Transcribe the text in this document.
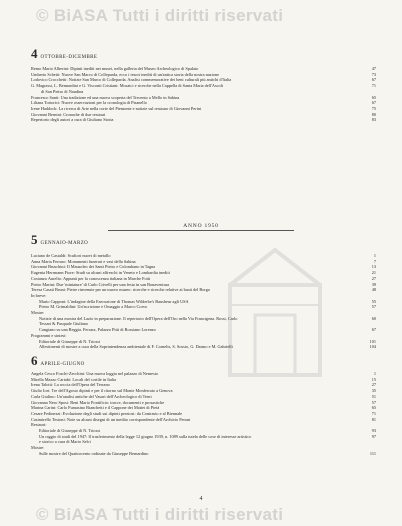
© BiASA Tutti i diritti riservati
4 OTTOBRE-DICEMBRE
Remo Mario Alberini: Dipinti inediti nei musei, nella galleria del Museo Archeologico di Spalato	47
Umberto Schetti: Nuove San Marco di Colleparda, ecco i tesori inediti di un'antica storia della nostra nazione	73
Lodovico Crocchetti: Notizie San Marco di Colleparda. Analisi commemorative dei beni culturali più antichi d'Italia	67
G. Magrassi, L. Bennardini e G. Visconti Cristiani: Mosaici e ricerche nella Cappella di Santa Maria dell'Ascoli	71
di San Pietro di Naudina
Francesco Santi: Una tradizione ed una nuova scoperta del Trecento a Mello in Sabina	65
Liliana Tortorici: Nuove osservazioni per la cronologia di Pisanello	67
Irene Haddock: La ricerca di Arte nella corte del Piemonte e notizie sul restauro di Giovanni Perini	75
Giovanni Bernini: Cronache di due restauri	80
Repertorio degli autori a cura di Giuliano Storia	83
ANNO 1950
5 GENNAIO-MARZO
Luciano de Castaldi: Scultori nuovi di metallo	1
Anna Maria Ferraro: Monumenti funerari e vasi della Sabina	7
Giovanni Bruschini: Il Mausoleo dei Santi Pietro e Colombano in Tagna	13
Eugenia Herrmann Fiore: Studi su alcuni affreschi in Veneto e Lombardia inediti	21
Costanzo Aurelio: Appunti per la conoscenza italiana in Marche Fotti	27
Pietro Marini: Due 'miniature' di Carlo Crivelli per una festa in san Bonaventura	39
Teresa Casati Bruni: Pietre rinvenute per un nuovo museo: ricerche e ricerche relative ai busti del Borgo	48
In breve:
Mario Capponi: L'indagine della Esecuzione di Thomas Wilderbe's Bausheur agli USA	55
Pietro M. Grimaldini: Un'iscrizione e Omaggio a Marco Corvo	57
Mostre:
Notizie di una mostra del Lazio in preparazione. Il repertorio dell'Opera dell'Oro nella Via Francigena. Rossi, Carlo	60
Tessari & Pasquale Giuliano
Cangiano su una Reggia. Ferrara, Palazzo Pitti di Rossiano Lorenzo	67
Programmi e sintesi:
Editoriale di Giuseppe di N. Triossi	101
Allestimenti di mostre a cura della Soprintendenza ambientale di F. Cornelis, S. Sossio, G. Darmo e M. Gabrielli	104
6 APRILE-GIUGNO
Angela Cesco Foschi-Zecchini: Una nuova loggia nel palazzo di Nemesio	1
Mirella Mazzo Cartabi: Locali del cortile in Italia	15
Irena Talotti: La roccia dell'Opera del Terrano	27
Giulio Iori: Tre dell'Agosto dipinti e per il ritorno sul Monte Monferrato a Genova	35
Carla Giulino: Un'analisi antiche del Vasari dell'Archeologico di Terni	51
Giovanna Nero Sposi: Beni Mario Pontificio: tracce, documenti e prosastiche	57
Marina Carini: Carlo Fumasino Bianchetti e il Cappone dei Mattei di Pietà	65
Cesare Fedinezzi: Evoluzione degli studi sui dipinti preziosi: da Contrasto e al Biennale	71
Casimirello Testoni: Note su alcuni disegni di un inedito corrispondente dell'Archivio Peroni	81
Restauri:
Editoriale di Giuseppe di N. Triossi	93
Un raggio di studi del 1947: Il trasferimento della legge 12 giugno 1939, n. 1089 sulla tutela delle cose di interesse artistico	97
e storico a cura di Mario Selci
Mostre:
Sulle mostre del Quattrocento ordinate da Giuseppe Bernardino	111
4
© BiASA Tutti i diritti riservati
